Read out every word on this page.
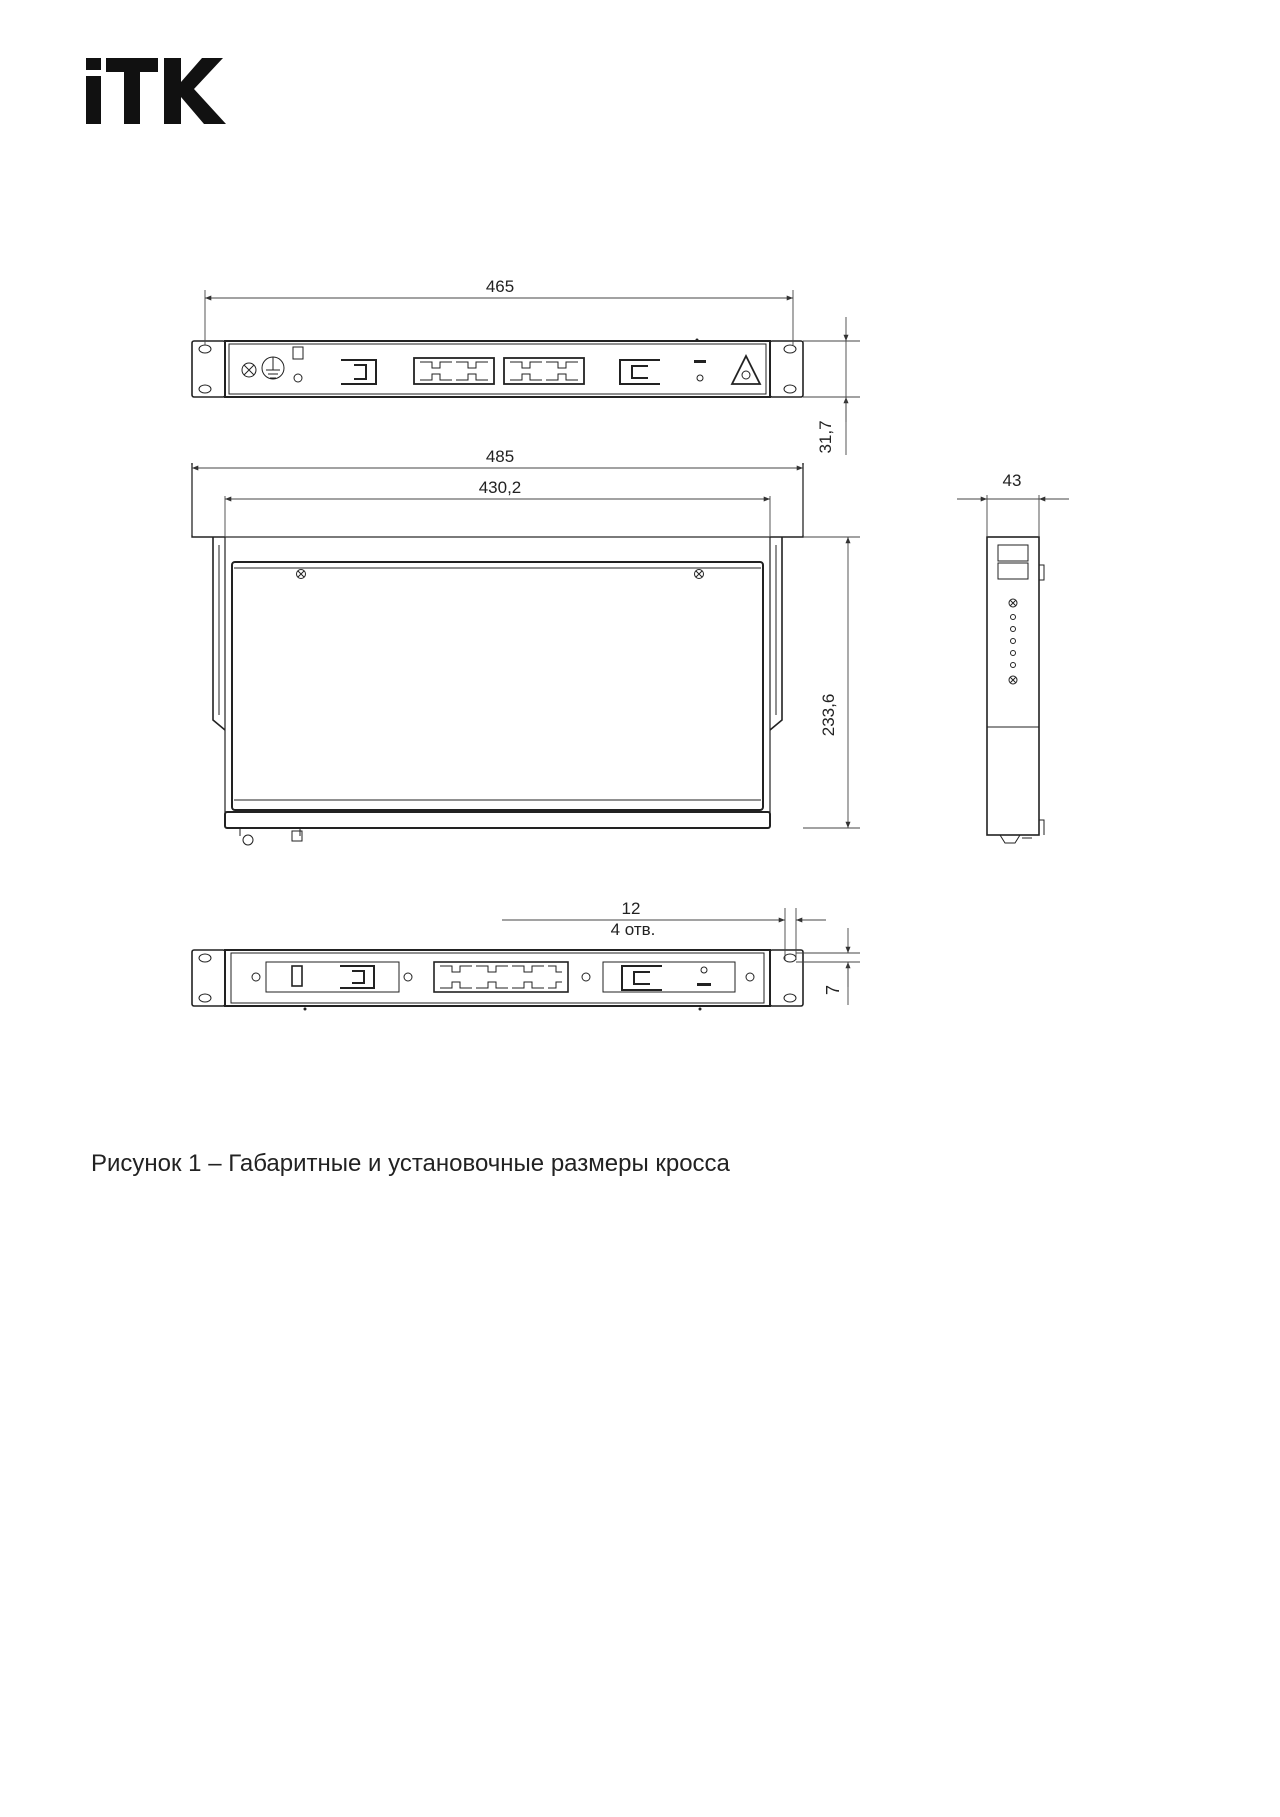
465
31,7
485
430,2
233,6
43
12
4 отв.
7
Рисунок 1 – Габаритные и установочные размеры кросса
